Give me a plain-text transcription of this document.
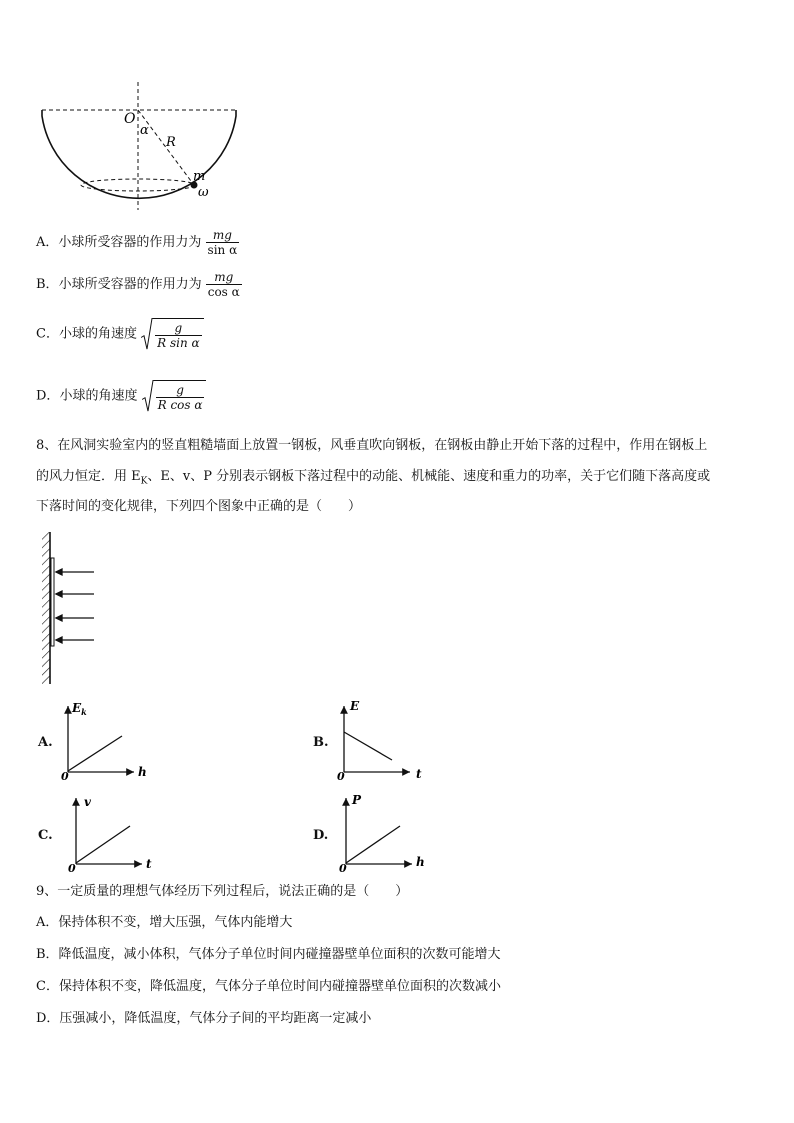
O
α
R
m
ω
A．小球所受容器的作用力为 $\frac{mg}{\text{sin α}}$
B．小球所受容器的作用力为 $\frac{mg}{\text{cos α}}$
C．小球的角速度 $\frac{g}{\text{R sin α}}$
D．小球的角速度 $\frac{g}{\text{R cos α}}$
8、在风洞实验室内的竖直粗糙墙面上放置一钢板，风垂直吹向钢板，在钢板由静止开始下落的过程中，作用在钢板上
的风力恒定．用 $E_K$、E、v、P 分别表示钢板下落过程中的动能、机械能、速度和重力的功率，关于它们随下落高度或
下落时间的变化规律，下列四个图象中正确的是（　　）
A.
$E_k$
0	h
B.
E
0	t
C.
v
0	t
D.
P
0	h
9、一定质量的理想气体经历下列过程后，说法正确的是（　　）
A．保持体积不变，增大压强，气体内能增大
B．降低温度，减小体积，气体分子单位时间内碰撞器壁单位面积的次数可能增大
C．保持体积不变，降低温度，气体分子单位时间内碰撞器壁单位面积的次数减小
D．压强减小，降低温度，气体分子间的平均距离一定减小
